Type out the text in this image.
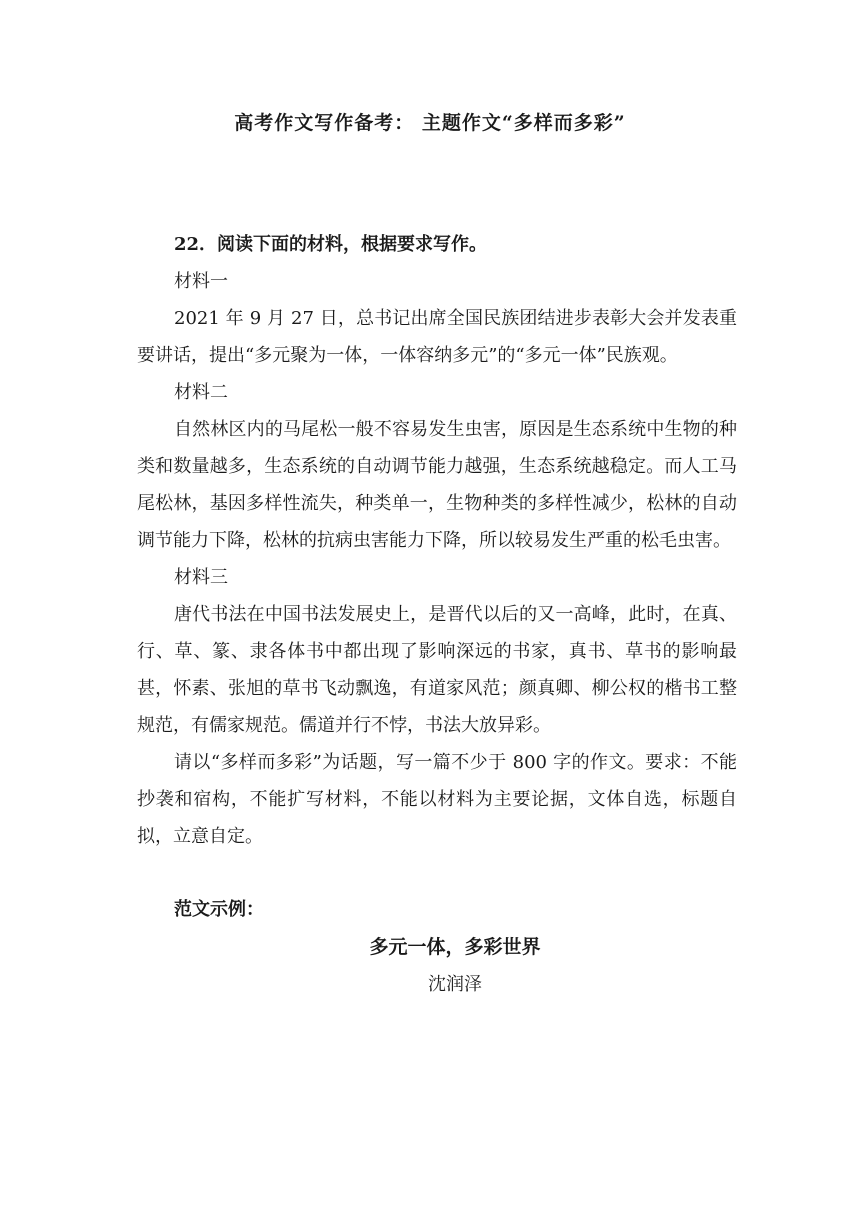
高考作文写作备考： 主题作文“多样而多彩”

22．阅读下面的材料，根据要求写作。

材料一

2021 年 9 月 27 日，总书记出席全国民族团结进步表彰大会并发表重要讲话，提出“多元聚为一体，一体容纳多元”的“多元一体”民族观。

材料二

自然林区内的马尾松一般不容易发生虫害，原因是生态系统中生物的种类和数量越多，生态系统的自动调节能力越强，生态系统越稳定。而人工马尾松林，基因多样性流失，种类单一，生物种类的多样性减少，松林的自动调节能力下降，松林的抗病虫害能力下降，所以较易发生严重的松毛虫害。

材料三

唐代书法在中国书法发展史上，是晋代以后的又一高峰，此时，在真、行、草、篆、隶各体书中都出现了影响深远的书家，真书、草书的影响最甚，怀素、张旭的草书飞动飘逸，有道家风范；颜真卿、柳公权的楷书工整规范，有儒家规范。儒道并行不悖，书法大放异彩。

请以“多样而多彩”为话题，写一篇不少于 800 字的作文。要求：不能抄袭和宿构，不能扩写材料，不能以材料为主要论据，文体自选，标题自拟，立意自定。

范文示例：

多元一体，多彩世界
沈润泽
